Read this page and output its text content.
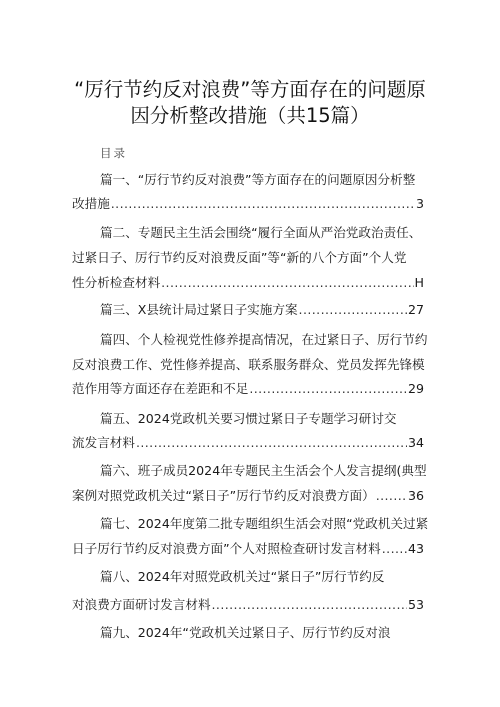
“厉行节约反对浪费”等方面存在的问题原
因分析整改措施（共15篇）
目录
篇一、“厉行节约反对浪费”等方面存在的问题原因分析整
改措施 .....	3
篇二、专题民主生活会围绕“履行全面从严治党政治责任、
过紧日子、厉行节约反对浪费反面”等“新的八个方面”个人党
性分析检查材料 .....	H
篇三、X县统计局过紧日子实施方案 .....	27
篇四、个人检视党性修养提高情况，在过紧日子、厉行节约
反对浪费工作、党性修养提高、联系服务群众、党员发挥先锋模
范作用等方面还存在差距和不足 .....	29
篇五、2024党政机关要习惯过紧日子专题学习研讨交
流发言材料 .....	34
篇六、班子成员2024年专题民主生活会个人发言提纲(典型
案例对照党政机关过“紧日子”厉行节约反对浪费方面） .....	36
篇七、2024年度第二批专题组织生活会对照“党政机关过紧
日子厉行节约反对浪费方面”个人对照检查研讨发言材料 ..... 43
篇八、2024年对照党政机关过“紧日子”厉行节约反
对浪费方面研讨发言材料 .....	53
篇九、2024年“党政机关过紧日子、厉行节约反对浪
